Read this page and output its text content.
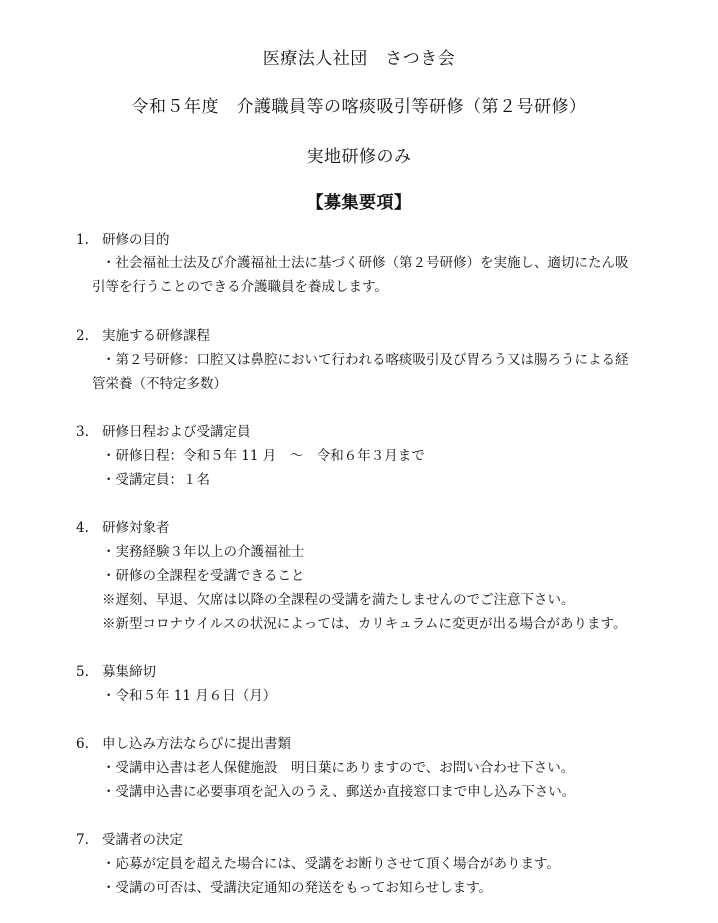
医療法人社団　さつき会
令和５年度　介護職員等の喀痰吸引等研修（第２号研修）
実地研修のみ
【募集要項】
1. 研修の目的
・社会福祉士法及び介護福祉士法に基づく研修（第２号研修）を実施し、適切にたん吸
引等を行うことのできる介護職員を養成します。
2. 実施する研修課程
・第２号研修：口腔又は鼻腔において行われる喀痰吸引及び胃ろう又は腸ろうによる経
管栄養（不特定多数）
3. 研修日程および受講定員
・研修日程：令和５年 11 月　～　令和６年３月まで
・受講定員：１名
4. 研修対象者
・実務経験３年以上の介護福祉士
・研修の全課程を受講できること
※遅刻、早退、欠席は以降の全課程の受講を満たしませんのでご注意下さい。
※新型コロナウイルスの状況によっては、カリキュラムに変更が出る場合があります。
5. 募集締切
・令和５年 11 月６日（月）
6. 申し込み方法ならびに提出書類
・受講申込書は老人保健施設　明日葉にありますので、お問い合わせ下さい。
・受講申込書に必要事項を記入のうえ、郵送か直接窓口まで申し込み下さい。
7. 受講者の決定
・応募が定員を超えた場合には、受講をお断りさせて頂く場合があります。
・受講の可否は、受講決定通知の発送をもってお知らせします。
